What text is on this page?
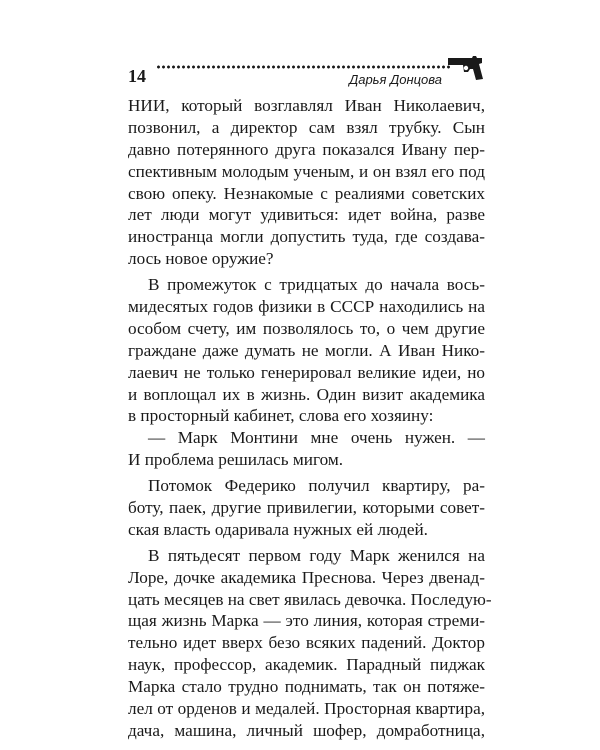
14	Дарья Донцова
НИИ, который возглавлял Иван Николаевич,
позвонил, а директор сам взял трубку. Сын
давно потерянного друга показался Ивану пер-
спективным молодым ученым, и он взял его под
свою опеку. Незнакомые с реалиями советских
лет люди могут удивиться: идет война, разве
иностранца могли допустить туда, где создава-
лось новое оружие?
В промежуток с тридцатых до начала вось-
мидесятых годов физики в СССР находились на
особом счету, им позволялось то, о чем другие
граждане даже думать не могли. А Иван Нико-
лаевич не только генерировал великие идеи, но
и воплощал их в жизнь. Один визит академика
в просторный кабинет, слова его хозяину:
— Марк Монтини мне очень нужен. —
И проблема решилась мигом.
Потомок Федерико получил квартиру, ра-
боту, паек, другие привилегии, которыми совет-
ская власть одаривала нужных ей людей.
В пятьдесят первом году Марк женился на
Лоре, дочке академика Преснова. Через двенад-
цать месяцев на свет явилась девочка. Последую-
щая жизнь Марка — это линия, которая стреми-
тельно идет вверх безо всяких падений. Доктор
наук, профессор, академик. Парадный пиджак
Марка стало трудно поднимать, так он потяже-
лел от орденов и медалей. Просторная квартира,
дача, машина, личный шофер, домработница,
